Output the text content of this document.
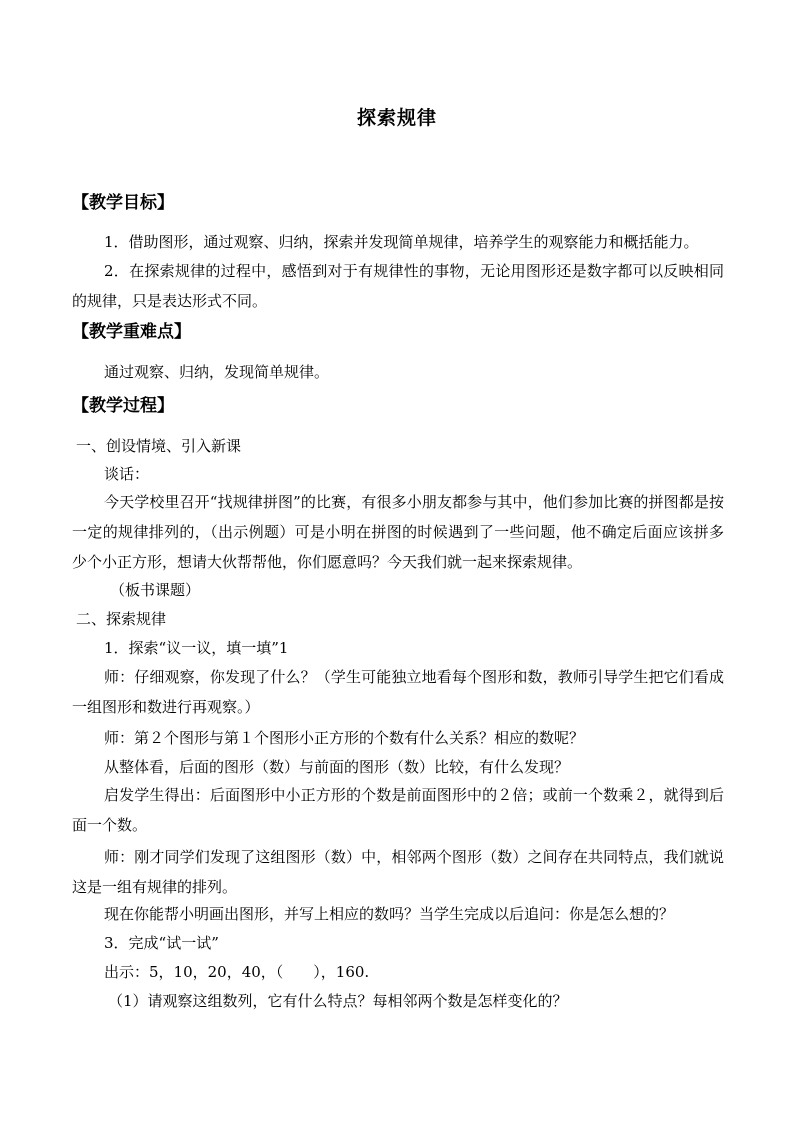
探索规律
【教学目标】
1．借助图形，通过观察、归纳，探索并发现简单规律，培养学生的观察能力和概括能力。
2．在探索规律的过程中，感悟到对于有规律性的事物，无论用图形还是数字都可以反映相同的规律，只是表达形式不同。
【教学重难点】
通过观察、归纳，发现简单规律。
【教学过程】
一、创设情境、引入新课
谈话：
今天学校里召开“找规律拼图”的比赛，有很多小朋友都参与其中，他们参加比赛的拼图都是按一定的规律排列的，（出示例题）可是小明在拼图的时候遇到了一些问题，他不确定后面应该拼多少个小正方形，想请大伙帮帮他，你们愿意吗？今天我们就一起来探索规律。
（板书课题）
二、探索规律
1．探索“议一议，填一填”1
师：仔细观察，你发现了什么？（学生可能独立地看每个图形和数，教师引导学生把它们看成一组图形和数进行再观察。）
师：第２个图形与第１个图形小正方形的个数有什么关系？相应的数呢？
从整体看，后面的图形（数）与前面的图形（数）比较，有什么发现？
启发学生得出：后面图形中小正方形的个数是前面图形中的２倍；或前一个数乘２，就得到后面一个数。
师：刚才同学们发现了这组图形（数）中，相邻两个图形（数）之间存在共同特点，我们就说这是一组有规律的排列。
现在你能帮小明画出图形，并写上相应的数吗？当学生完成以后追问：你是怎么想的？
3．完成“试一试”
出示：5，10，20，40，（　　），160.
（1）请观察这组数列，它有什么特点？每相邻两个数是怎样变化的？
